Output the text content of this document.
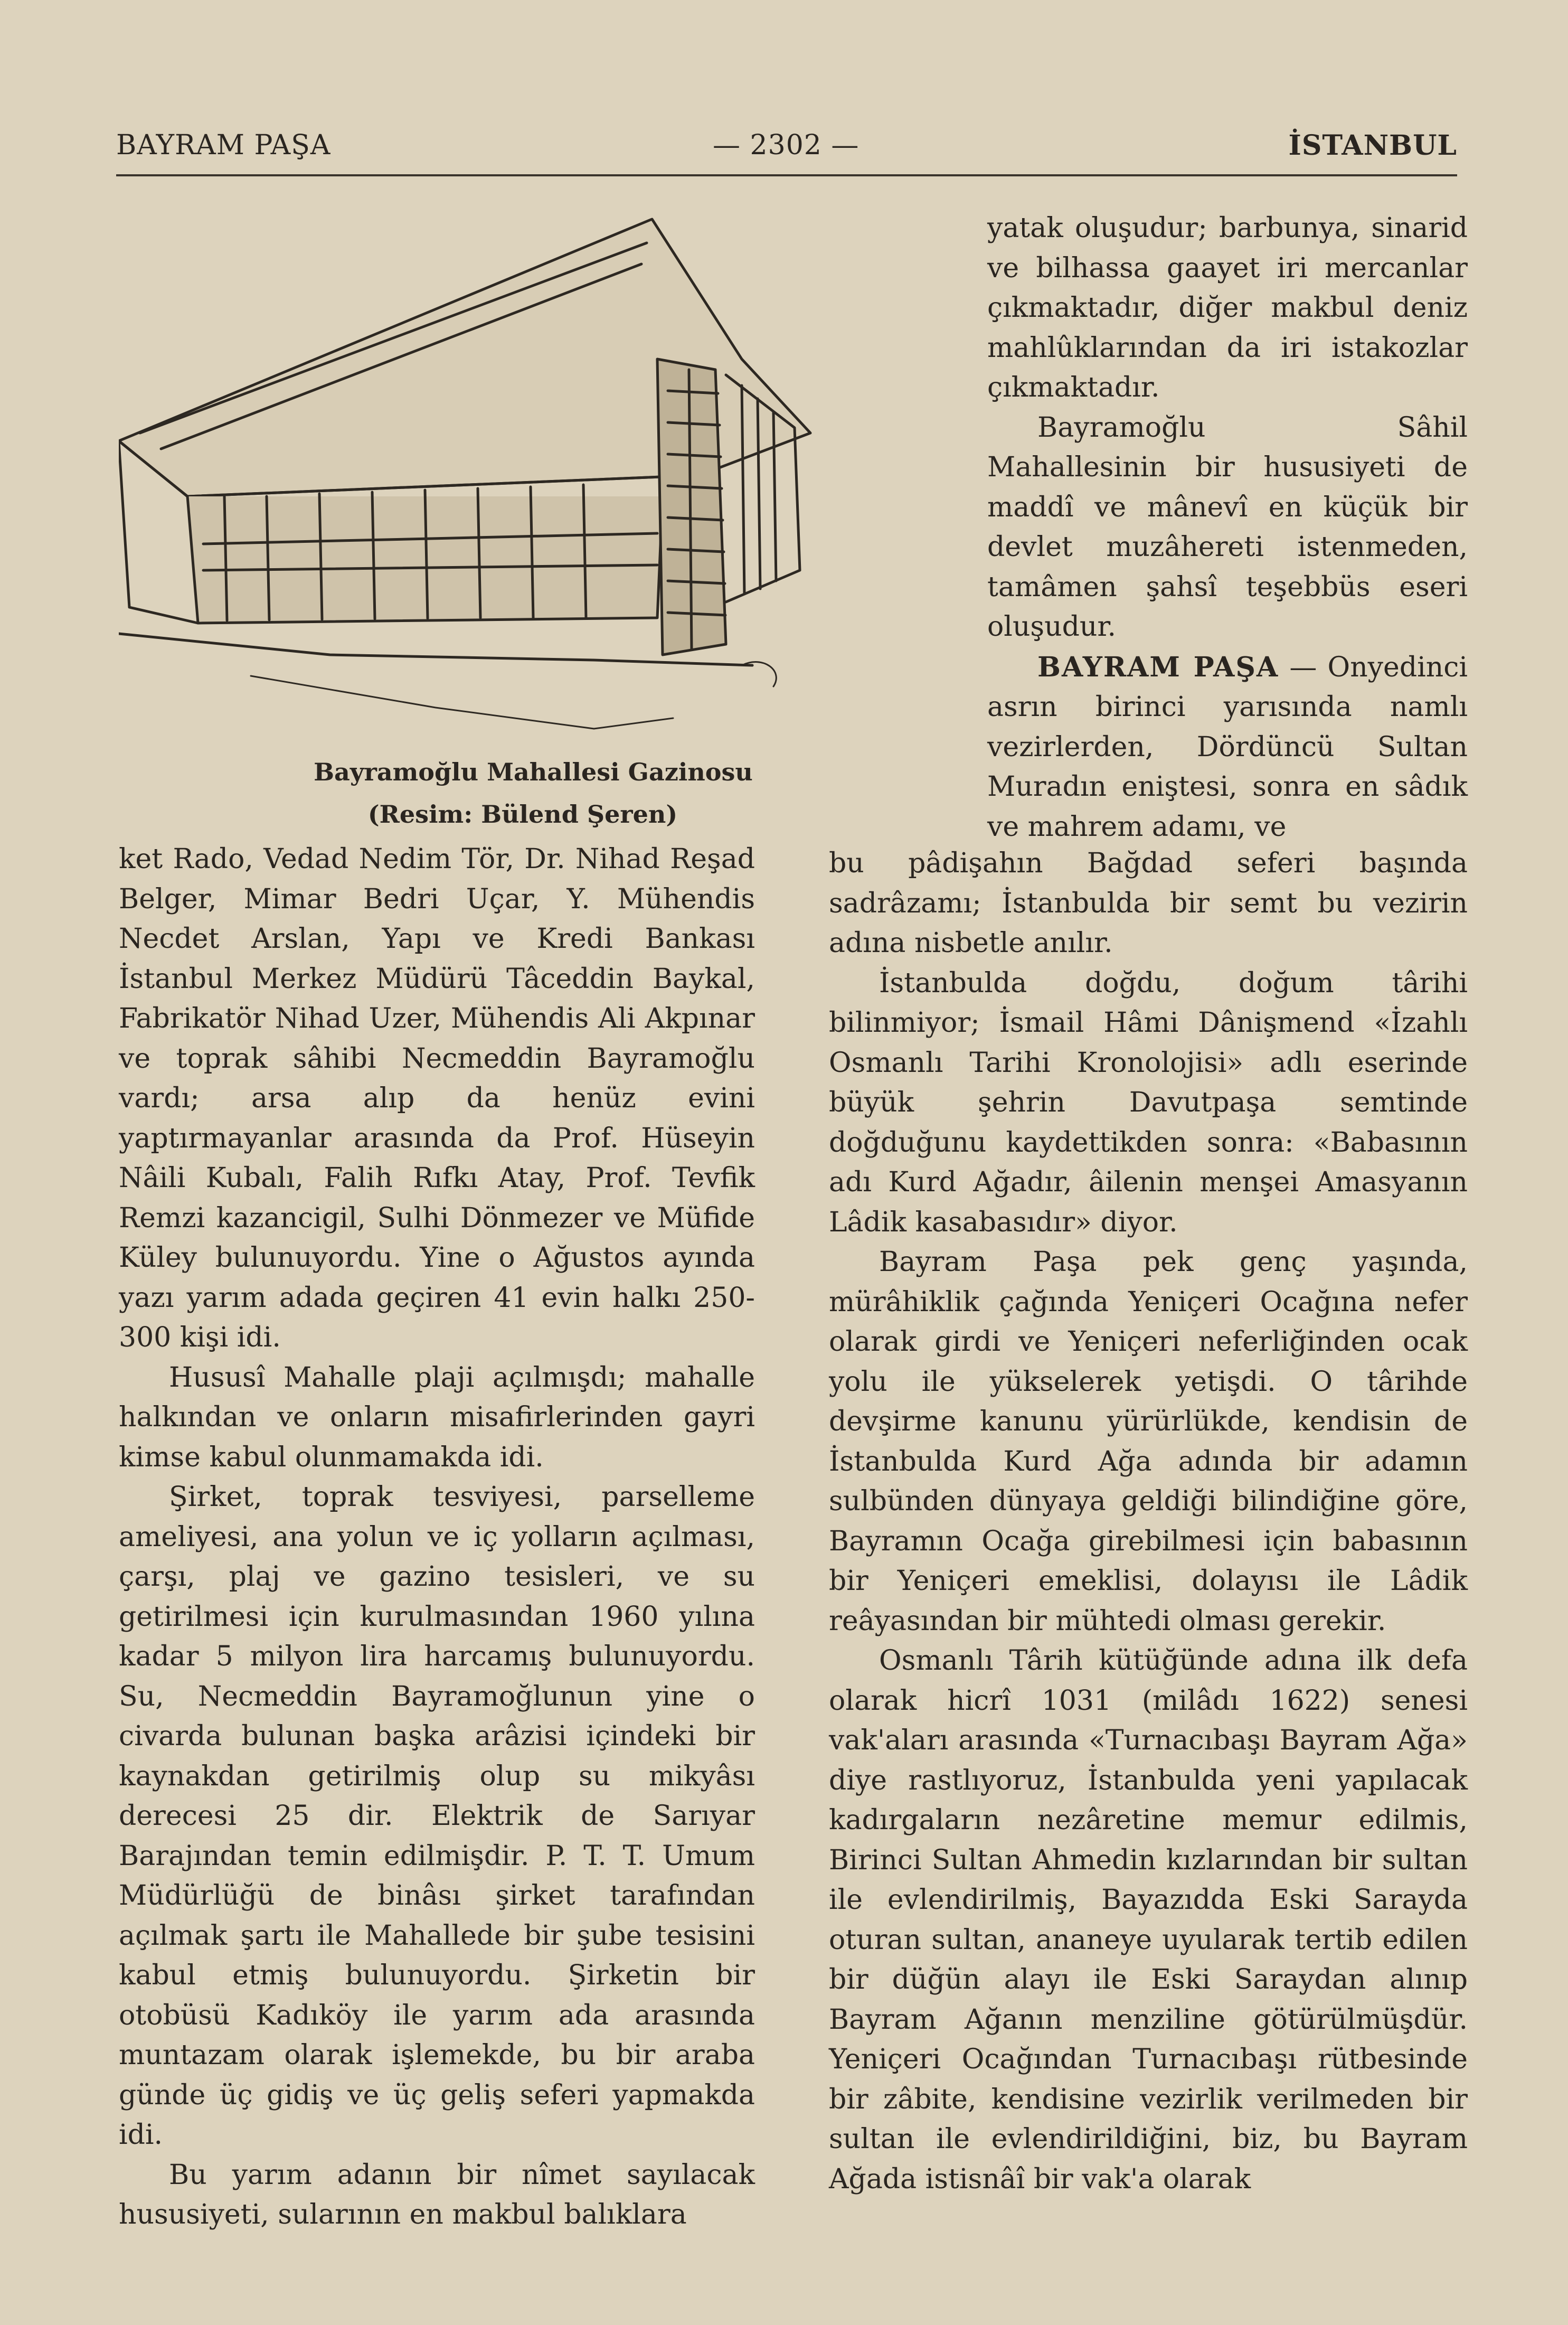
BAYRAM PAŞA	— 2302 —	İSTANBUL
Bayramoğlu Mahallesi Gazinosu
(Resim: Bülend Şeren)

ket Rado, Vedad Nedim Tör, Dr. Nihad Reşad Belger, Mimar Bedri Uçar, Y. Mühendis Necdet Arslan, Yapı ve Kredi Bankası İstanbul Merkez Müdürü Tâceddin Baykal, Fabrikatör Nihad Uzer, Mühendis Ali Akpınar ve toprak sâhibi Necmeddin Bayramoğlu vardı; arsa alıp da henüz evini yaptırmayanlar arasında da Prof. Hüseyin Nâili Kubalı, Falih Rıfkı Atay, Prof. Tevfik Remzi kazancigil, Sulhi Dönmezer ve Müfide Küley bulunuyordu. Yine o Ağustos ayında yazı yarım adada geçiren 41 evin halkı 250-300 kişi idi.

Hususî Mahalle plaji açılmışdı; mahalle halkından ve onların misafirlerinden gayri kimse kabul olunmamakda idi.

Şirket, toprak tesviyesi, parselleme ameliyesi, ana yolun ve iç yolların açılması, çarşı, plaj ve gazino tesisleri, ve su getirilmesi için kurulmasından 1960 yılına kadar 5 milyon lira harcamış bulunuyordu. Su, Necmeddin Bayramoğlunun yine o civarda bulunan başka arâzisi içindeki bir kaynakdan getirilmiş olup su mikyâsı derecesi 25 dir. Elektrik de Sarıyar Barajından temin edilmişdir. P. T. T. Umum Müdürlüğü de binâsı şirket tarafından açılmak şartı ile Mahallede bir şube tesisini kabul etmiş bulunuyordu. Şirketin bir otobüsü Kadıköy ile yarım ada arasında muntazam olarak işlemekde, bu bir araba günde üç gidiş ve üç geliş seferi yapmakda idi.

Bu yarım adanın bir nîmet sayılacak hususiyeti, sularının en makbul balıklara

yatak oluşudur; barbunya, sinarid ve bilhassa gaayet iri mercanlar çıkmaktadır, diğer makbul deniz mahlûklarından da iri istakozlar çıkmaktadır.

Bayramoğlu Sâhil Mahallesinin bir hususiyeti de maddî ve mânevî en küçük bir devlet muzâhereti istenmeden, tamâmen şahsî teşebbüs eseri oluşudur.

BAYRAM PAŞA — Onyedinci asrın birinci yarısında namlı vezirlerden, Dördüncü Sultan Muradın eniştesi, sonra en sâdık ve mahrem adamı, ve

bu pâdişahın Bağdad seferi başında sadrâzamı; İstanbulda bir semt bu vezirin adına nisbetle anılır.

İstanbulda doğdu, doğum târihi bilinmiyor; İsmail Hâmi Dânişmend «İzahlı Osmanlı Tarihi Kronolojisi» adlı eserinde büyük şehrin Davutpaşa semtinde doğduğunu kaydettikden sonra: «Babasının adı Kurd Ağadır, âilenin menşei Amasyanın Lâdik kasabasıdır» diyor.

Bayram Paşa pek genç yaşında, mürâhiklik çağında Yeniçeri Ocağına nefer olarak girdi ve Yeniçeri neferliğinden ocak yolu ile yükselerek yetişdi. O târihde devşirme kanunu yürürlükde, kendisin de İstanbulda Kurd Ağa adında bir adamın sulbünden dünyaya geldiği bilindiğine göre, Bayramın Ocağa girebilmesi için babasının bir Yeniçeri emeklisi, dolayısı ile Lâdik reâyasından bir mühtedi olması gerekir.

Osmanlı Târih kütüğünde adına ilk defa olarak hicrî 1031 (milâdı 1622) senesi vak'aları arasında «Turnacıbaşı Bayram Ağa» diye rastlıyoruz, İstanbulda yeni yapılacak kadırgaların nezâretine memur edilmis, Birinci Sultan Ahmedin kızlarından bir sultan ile evlendirilmiş, Bayazıdda Eski Sarayda oturan sultan, ananeye uyularak tertib edilen bir düğün alayı ile Eski Saraydan alınıp Bayram Ağanın menziline götürülmüşdür. Yeniçeri Ocağından Turnacıbaşı rütbesinde bir zâbite, kendisine vezirlik verilmeden bir sultan ile evlendirildiğini, biz, bu Bayram Ağada istisnâî bir vak'a olarak
